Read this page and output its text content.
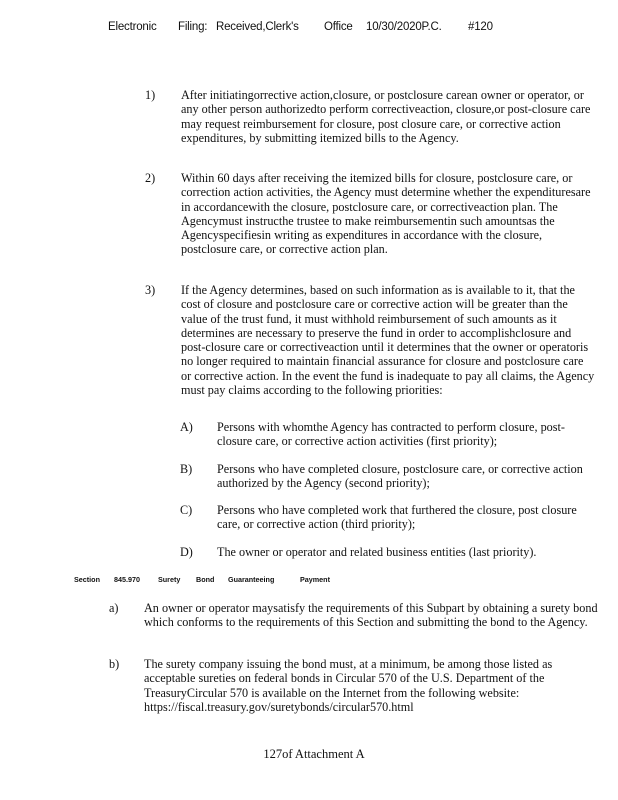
Electronic Filing: Received,Clerk's Office 10/30/2020P.C. #120
1) After initiatingorrective action,closure, or postclosure carean owner or operator, or any other person authorizedto perform correctiveaction, closure,or post-closure care may request reimbursement for closure, post closure care, or corrective action expenditures, by submitting itemized bills to the Agency.
2) Within 60 days after receiving the itemized bills for closure, postclosure care, or correction action activities, the Agency must determine whether the expendituresare in accordancewith the closure, postclosure care, or correctiveaction plan. The Agencymust instructhe trustee to make reimbursementin such amountsas the Agencyspecifiesin writing as expenditures in accordance with the closure, postclosure care, or corrective action plan.
3) If the Agency determines, based on such information as is available to it, that the cost of closure and postclosure care or corrective action will be greater than the value of the trust fund, it must withhold reimbursement of such amounts as it determines are necessary to preserve the fund in order to accomplishclosure and post-closure care or correctiveaction until it determines that the owner or operatoris no longer required to maintain financial assurance for closure and postclosure care or corrective action. In the event the fund is inadequate to pay all claims, the Agency must pay claims according to the following priorities:
A) Persons with whomthe Agency has contracted to perform closure, post-closure care, or corrective action activities (first priority);
B) Persons who have completed closure, postclosure care, or corrective action authorized by the Agency (second priority);
C) Persons who have completed work that furthered the closure, post closure care, or corrective action (third priority);
D) The owner or operator and related business entities (last priority).
Section 845.970	Surety Bond Guaranteeing	Payment
a) An owner or operator maysatisfy the requirements of this Subpart by obtaining a surety bond which conforms to the requirements of this Section and submitting the bond to the Agency.
b) The surety company issuing the bond must, at a minimum, be among those listed as acceptable sureties on federal bonds in Circular 570 of the U.S. Department of the TreasuryCircular 570 is available on the Internet from the following website: https://fiscal.treasury.gov/suretybonds/circular570.html
127of Attachment A
